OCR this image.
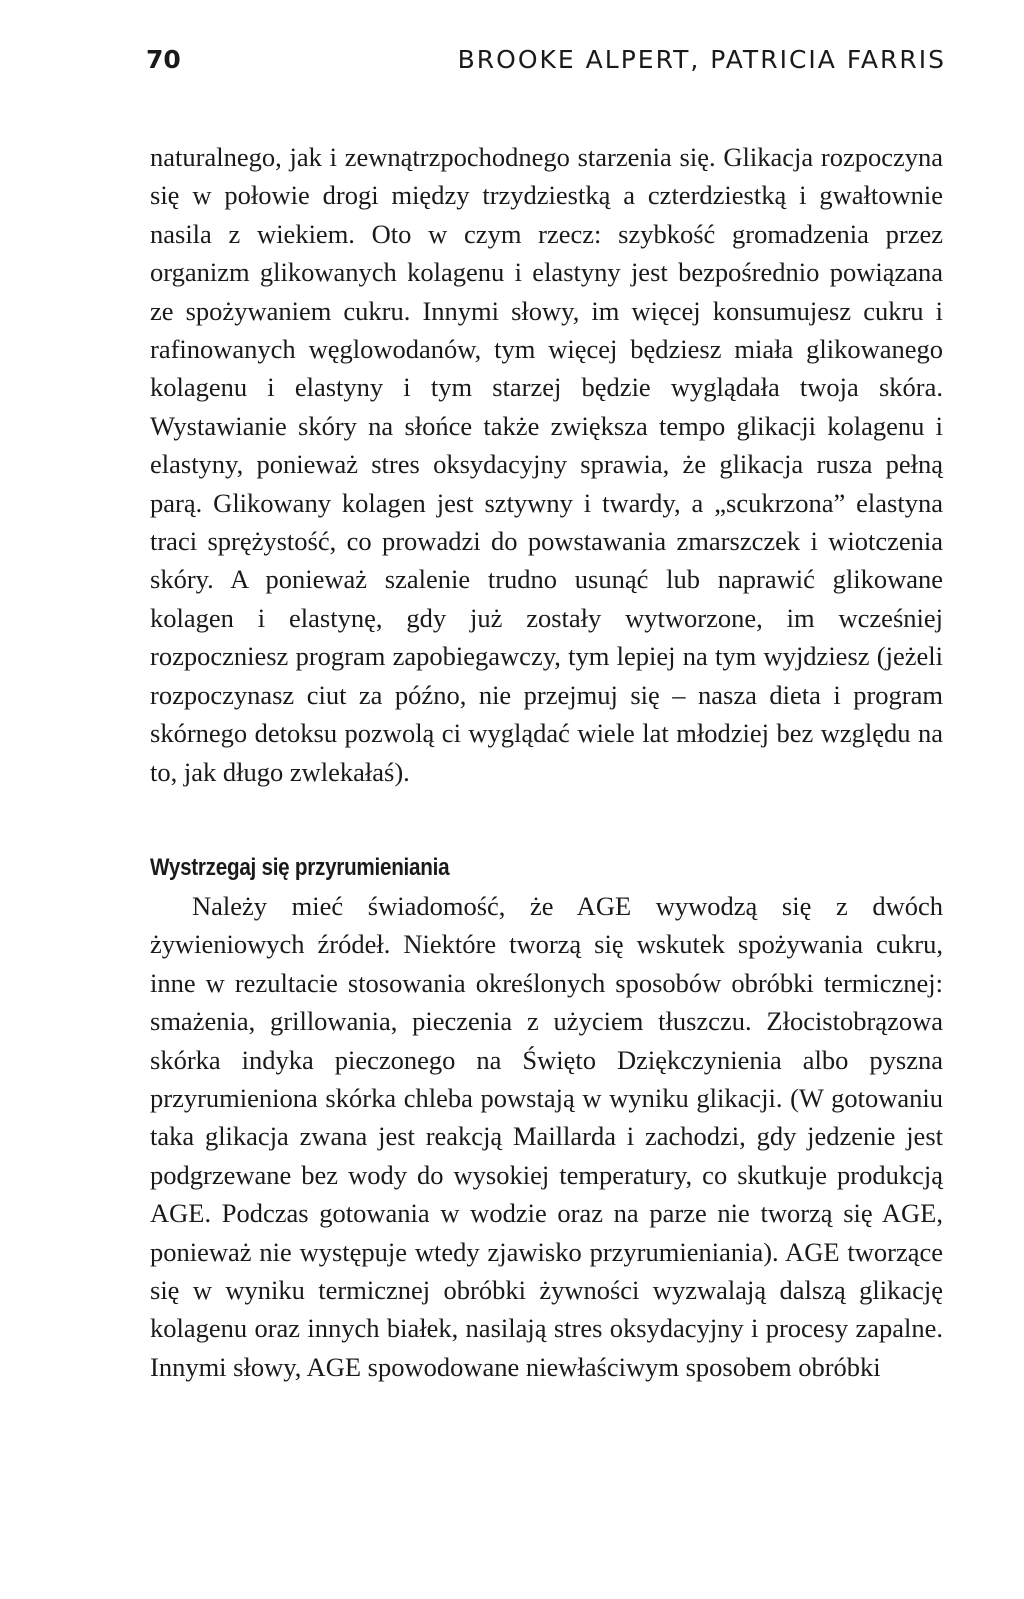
70	BROOKE ALPERT, PATRICIA FARRIS

naturalnego, jak i zewnątrzpochodnego starzenia się. Glikacja rozpoczyna się w połowie drogi między trzydziestką a czterdziestką i gwałtownie nasila z wiekiem. Oto w czym rzecz: szybkość gromadzenia przez organizm glikowanych kolagenu i elastyny jest bezpośrednio powiązana ze spożywaniem cukru. Innymi słowy, im więcej konsumujesz cukru i rafinowanych węglowodanów, tym więcej będziesz miała glikowanego kolagenu i elastyny i tym starzej będzie wyglądała twoja skóra. Wystawianie skóry na słońce także zwiększa tempo glikacji kolagenu i elastyny, ponieważ stres oksydacyjny sprawia, że glikacja rusza pełną parą. Glikowany kolagen jest sztywny i twardy, a „scukrzona” elastyna traci sprężystość, co prowadzi do powstawania zmarszczek i wiotczenia skóry. A ponieważ szalenie trudno usunąć lub naprawić glikowane kolagen i elastynę, gdy już zostały wytworzone, im wcześniej rozpoczniesz program zapobiegawczy, tym lepiej na tym wyjdziesz (jeżeli rozpoczynasz ciut za późno, nie przejmuj się – nasza dieta i program skórnego detoksu pozwolą ci wyglądać wiele lat młodziej bez względu na to, jak długo zwlekałaś).

Wystrzegaj się przyrumieniania

Należy mieć świadomość, że AGE wywodzą się z dwóch żywieniowych źródeł. Niektóre tworzą się wskutek spożywania cukru, inne w rezultacie stosowania określonych sposobów obróbki termicznej: smażenia, grillowania, pieczenia z użyciem tłuszczu. Złocistobrązowa skórka indyka pieczonego na Święto Dziękczynienia albo pyszna przyrumieniona skórka chleba powstają w wyniku glikacji. (W gotowaniu taka glikacja zwana jest reakcją Maillarda i zachodzi, gdy jedzenie jest podgrzewane bez wody do wysokiej temperatury, co skutkuje produkcją AGE. Podczas gotowania w wodzie oraz na parze nie tworzą się AGE, ponieważ nie występuje wtedy zjawisko przyrumieniania). AGE tworzące się w wyniku termicznej obróbki żywności wyzwalają dalszą glikację kolagenu oraz innych białek, nasilają stres oksydacyjny i procesy zapalne. Innymi słowy, AGE spowodowane niewłaściwym sposobem obróbki
